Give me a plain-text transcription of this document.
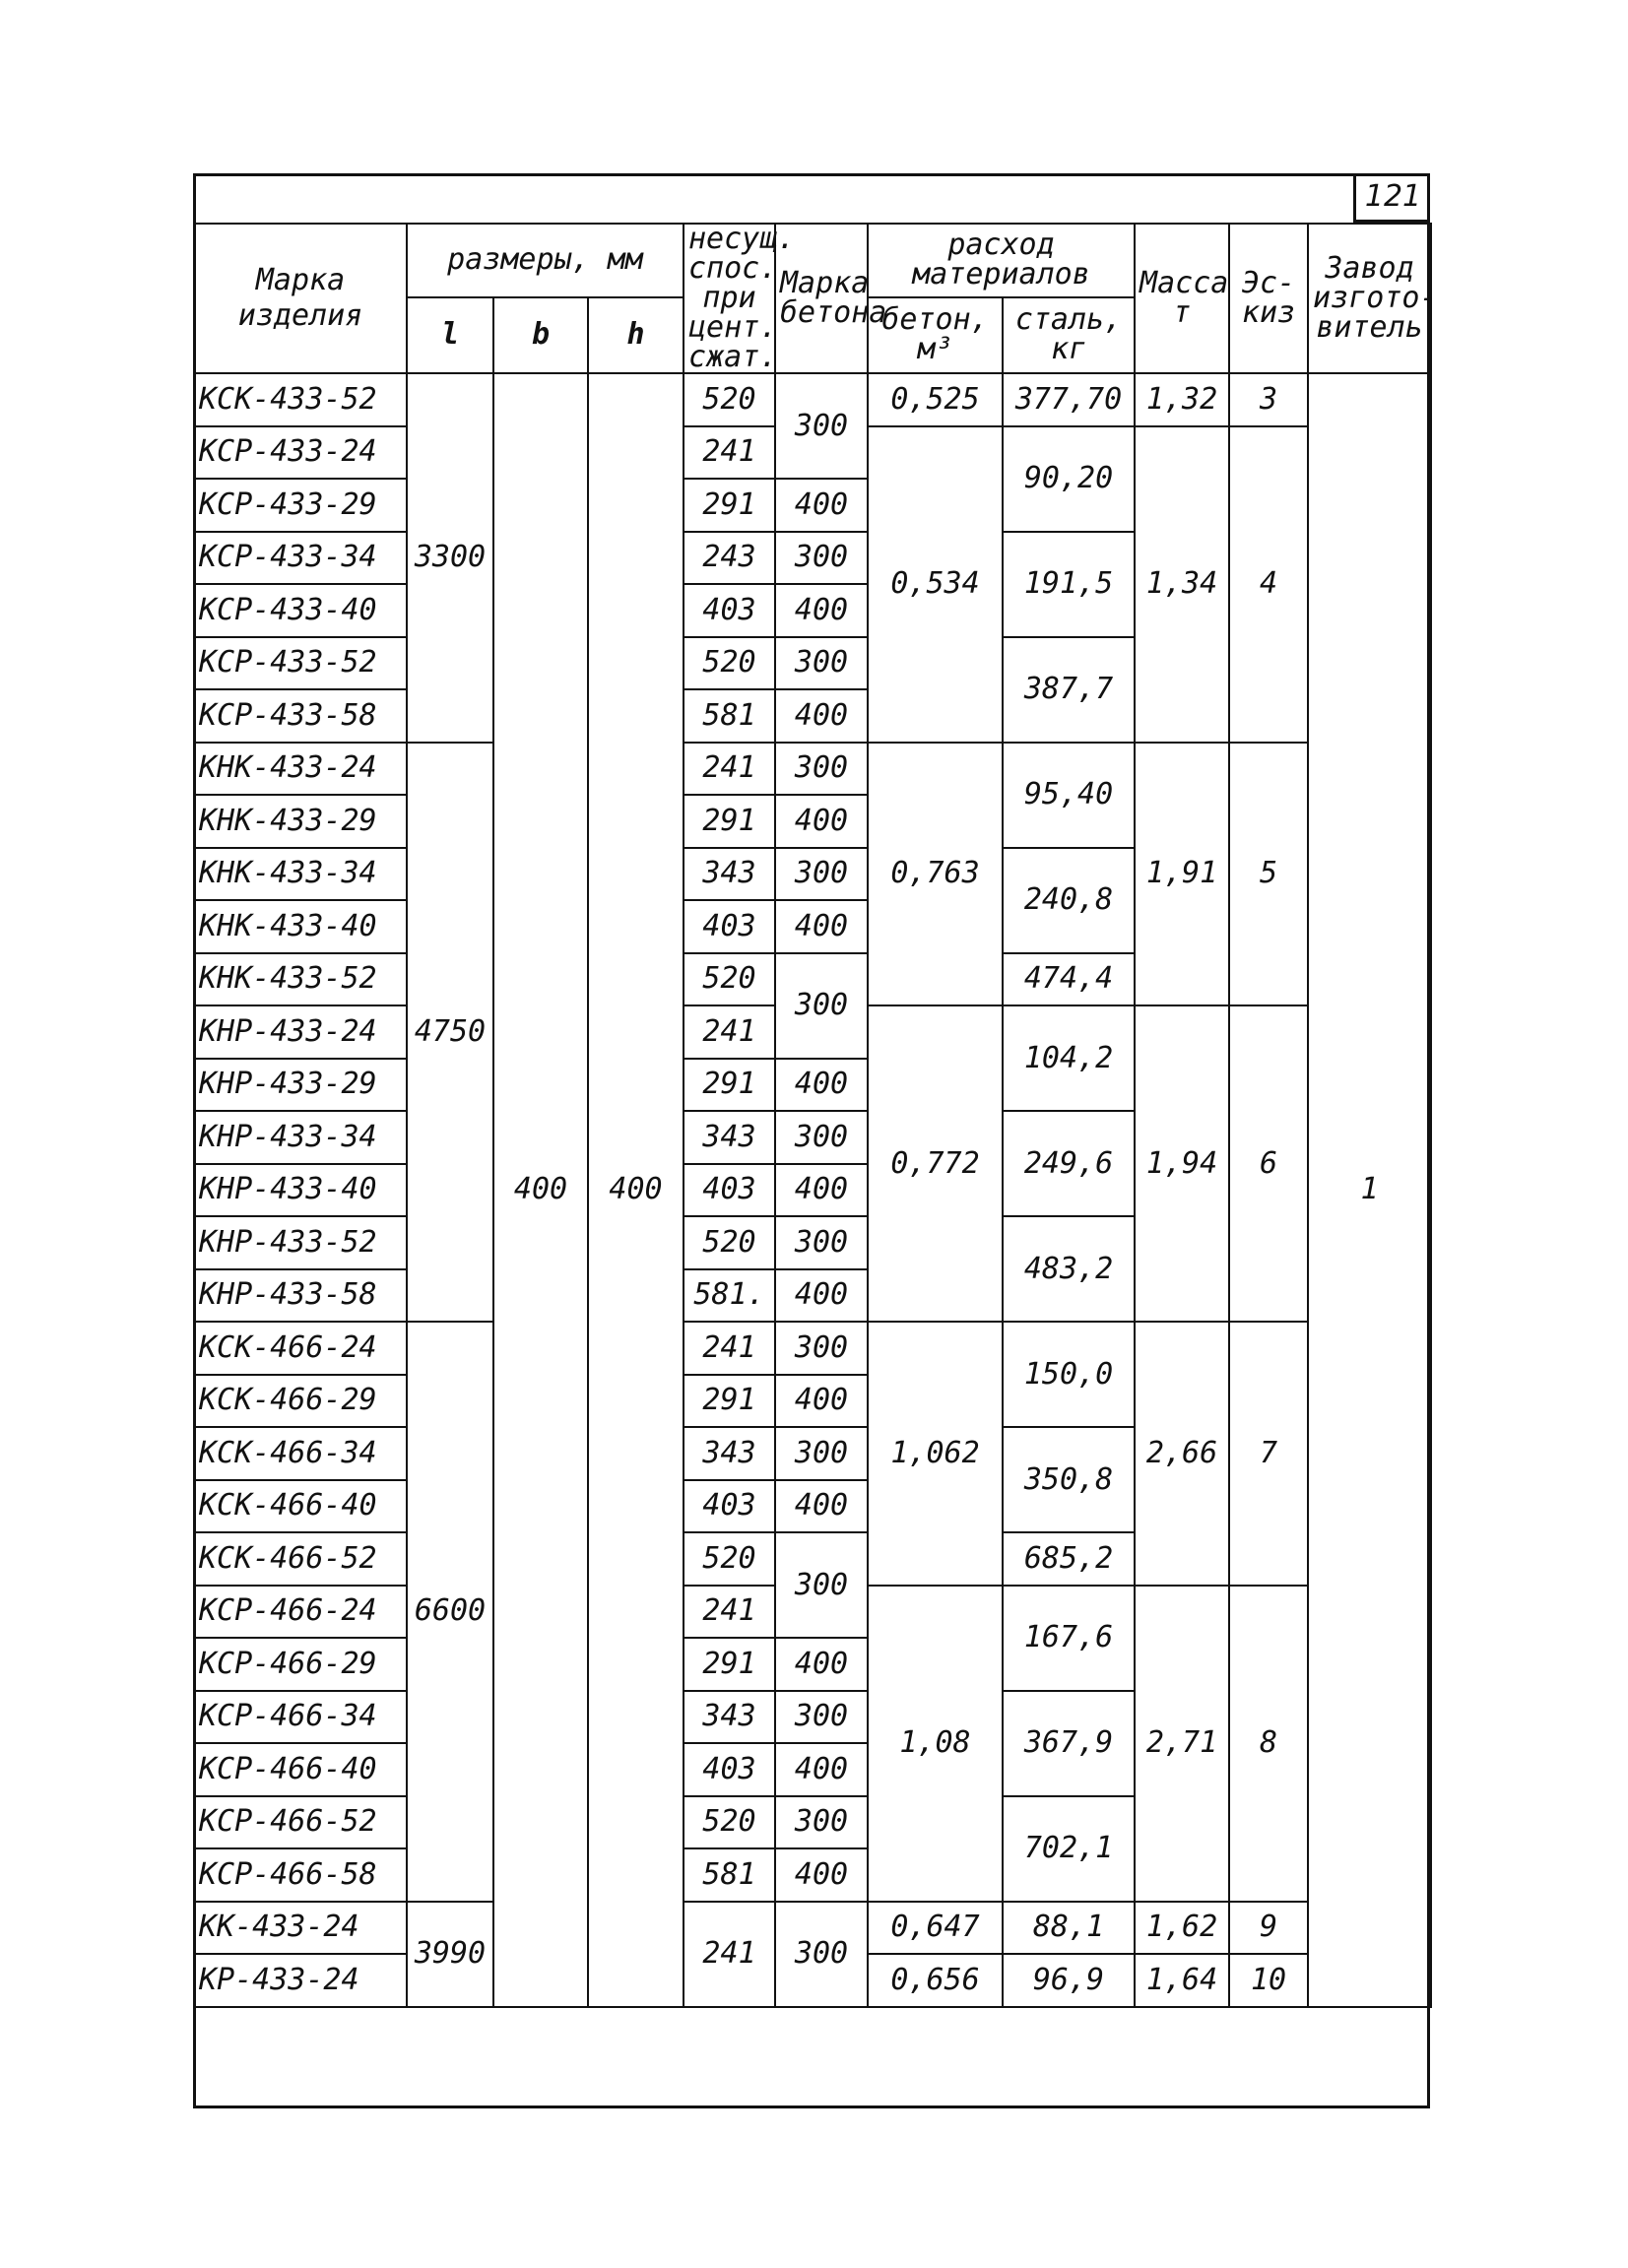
121
Марка изделия	размеры, мм			несущ. спос. при цент. сжат.	Марка бетона	расход материалов		Масса т	Эс-киз	Завод изгото-витель
	l	b	h			бетон, м³	сталь, кг			
КСК-433-52	3300	400	400	520	300	0,525	377,70	1,32	3	1
КСР-433-24				241		0,534	90,20	1,34	4	
КСР-433-29				291	400					
КСР-433-34				243	300		191,5			
КСР-433-40				403	400					
КСР-433-52				520	300		387,7			
КСР-433-58				581	400					
КНК-433-24	4750			241	300	0,763	95,40	1,91	5	
КНК-433-29				291	400					
КНК-433-34				343	300		240,8			
КНК-433-40				403	400					
КНК-433-52				520	300		474,4			
КНР-433-24				241		0,772	104,2	1,94	6	
КНР-433-29				291	400					
КНР-433-34				343	300		249,6			
КНР-433-40				403	400					
КНР-433-52				520	300		483,2			
КНР-433-58				581.	400					
КСК-466-24	6600			241	300	1,062	150,0	2,66	7	
КСК-466-29				291	400					
КСК-466-34				343	300		350,8			
КСК-466-40				403	400					
КСК-466-52				520	300		685,2			
КСР-466-24				241		1,08	167,6	2,71	8	
КСР-466-29				291	400					
КСР-466-34				343	300		367,9			
КСР-466-40				403	400					
КСР-466-52				520	300		702,1			
КСР-466-58				581	400					
КК-433-24	3990			241	300	0,647	88,1	1,62	9	
КР-433-24						0,656	96,9	1,64	10	
